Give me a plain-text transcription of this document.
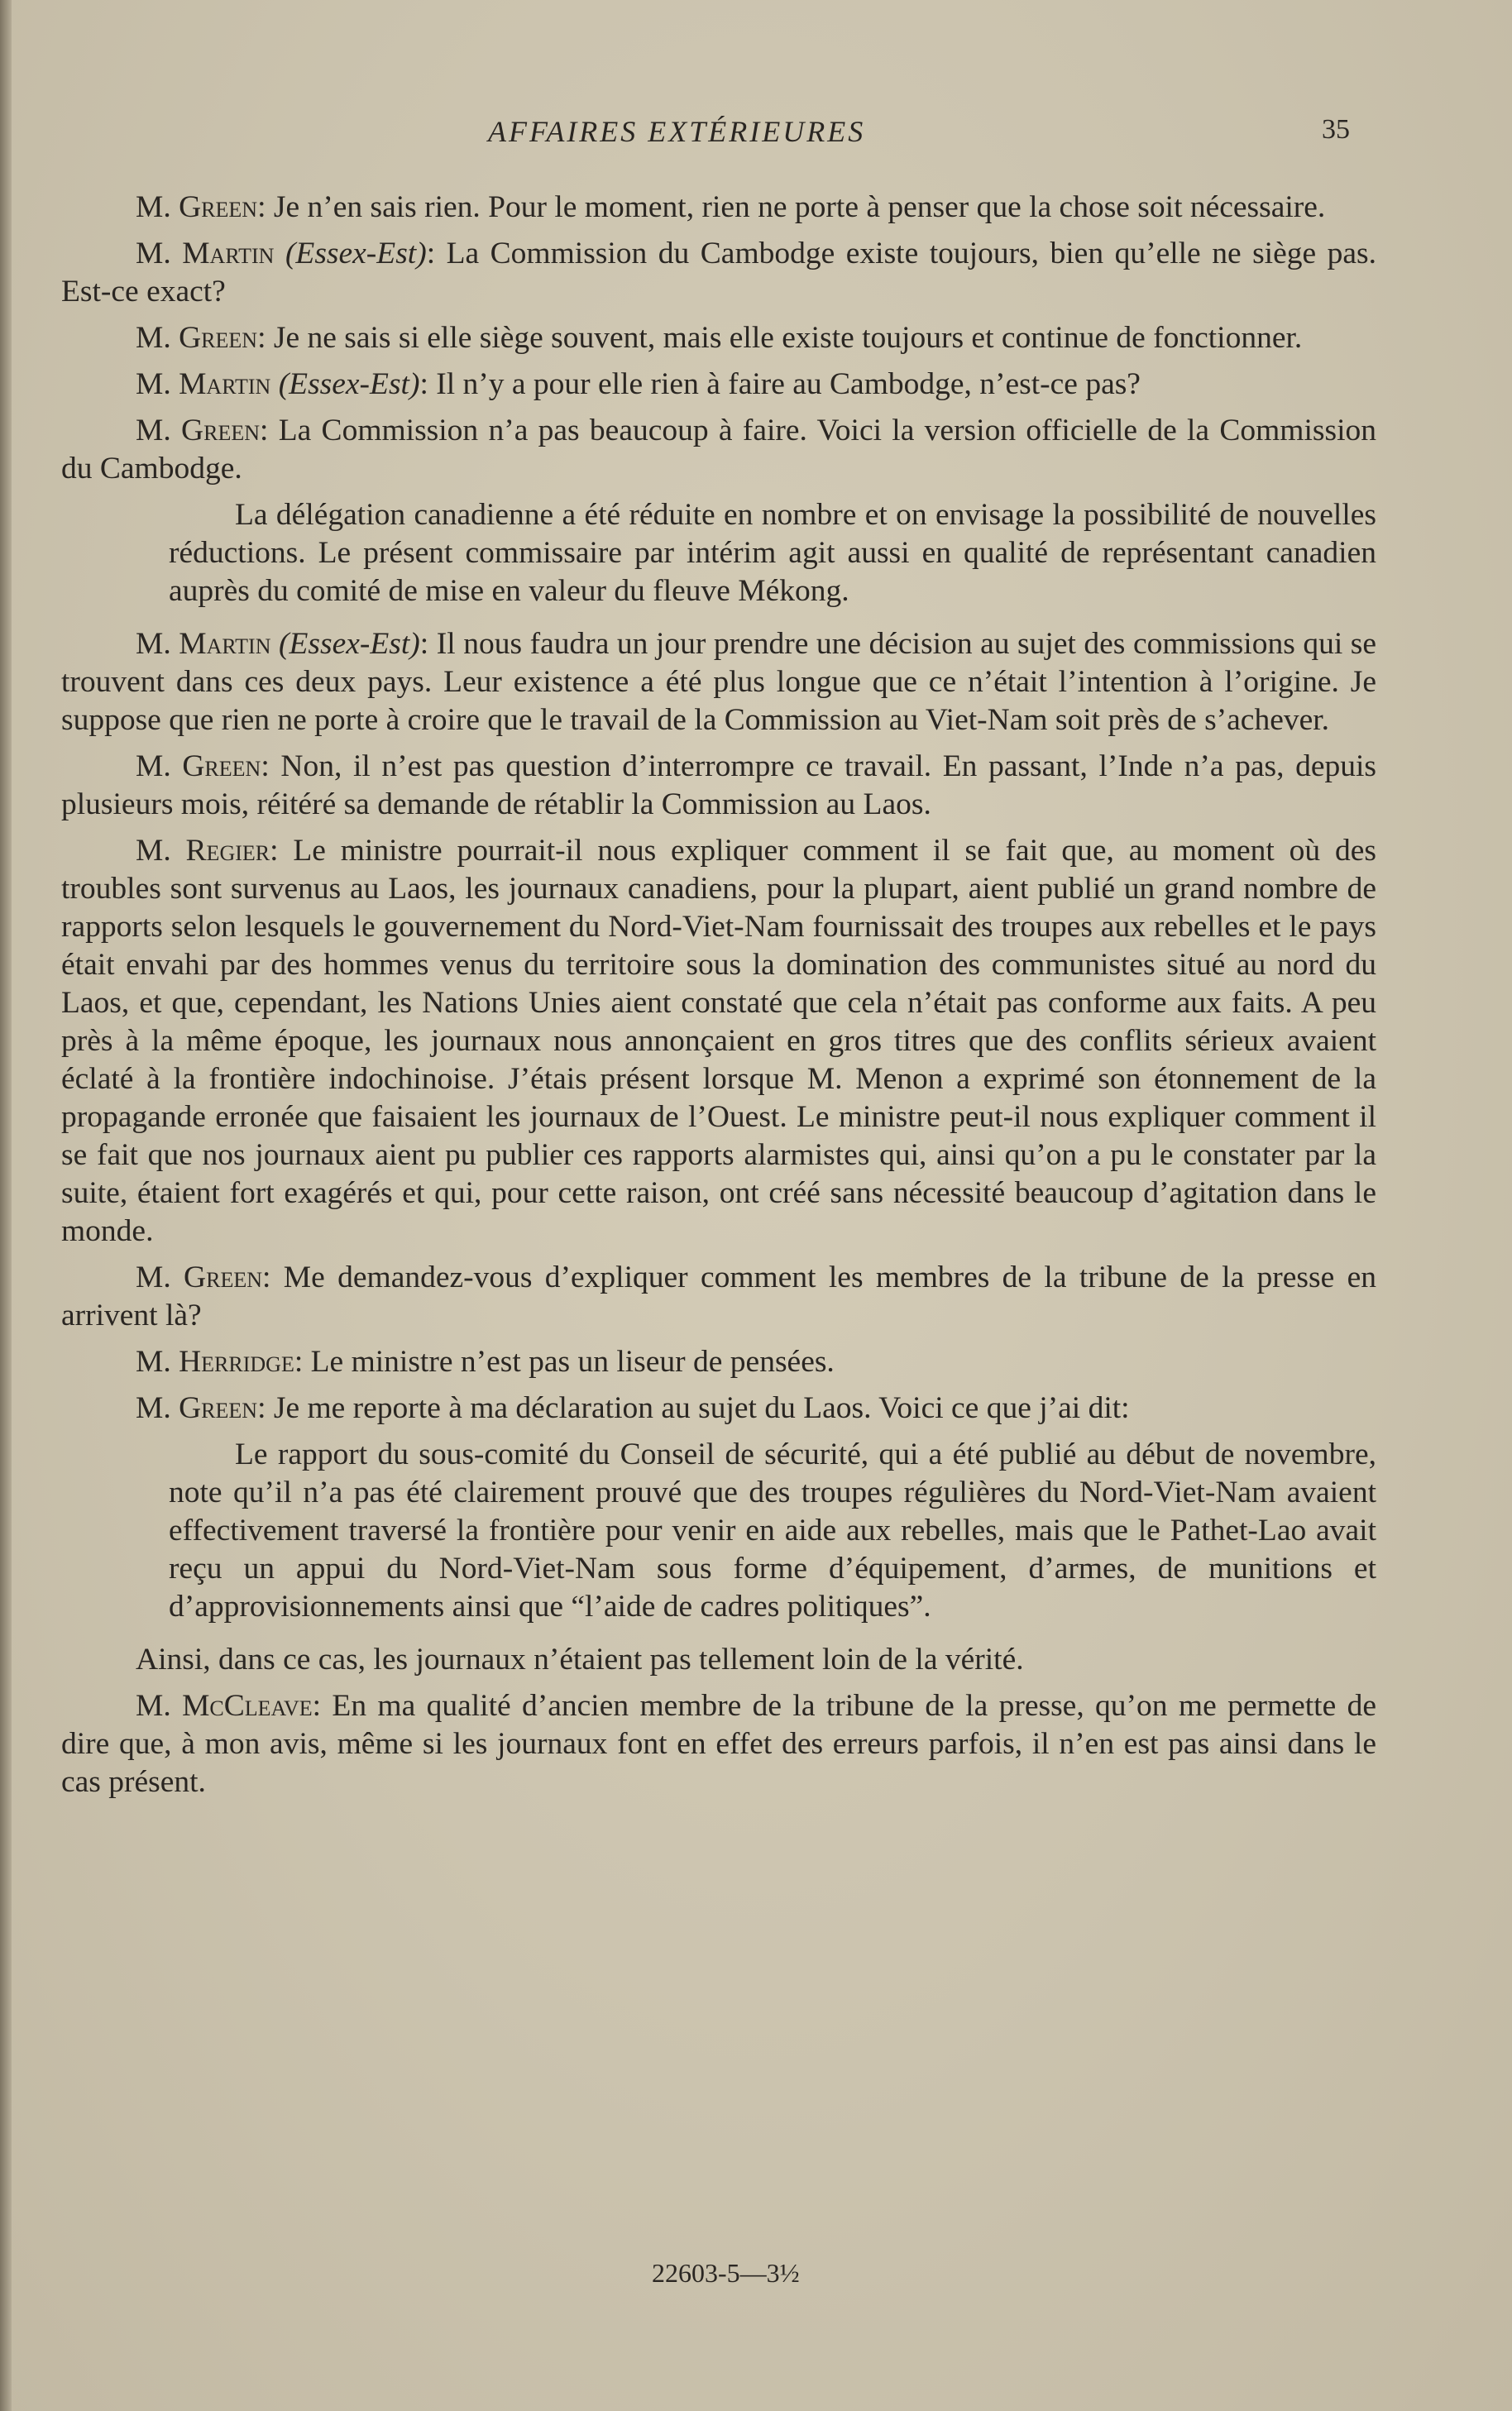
AFFAIRES EXTÉRIEURES	35

M. Green: Je n’en sais rien. Pour le moment, rien ne porte à penser que la chose soit nécessaire.

M. Martin (Essex-Est): La Commission du Cambodge existe toujours, bien qu’elle ne siège pas. Est-ce exact?

M. Green: Je ne sais si elle siège souvent, mais elle existe toujours et continue de fonctionner.

M. Martin (Essex-Est): Il n’y a pour elle rien à faire au Cambodge, n’est-ce pas?

M. Green: La Commission n’a pas beaucoup à faire. Voici la version officielle de la Commission du Cambodge.

La délégation canadienne a été réduite en nombre et on envisage la possibilité de nouvelles réductions. Le présent commissaire par intérim agit aussi en qualité de représentant canadien auprès du comité de mise en valeur du fleuve Mékong.

M. Martin (Essex-Est): Il nous faudra un jour prendre une décision au sujet des commissions qui se trouvent dans ces deux pays. Leur existence a été plus longue que ce n’était l’intention à l’origine. Je suppose que rien ne porte à croire que le travail de la Commission au Viet-Nam soit près de s’achever.

M. Green: Non, il n’est pas question d’interrompre ce travail. En passant, l’Inde n’a pas, depuis plusieurs mois, réitéré sa demande de rétablir la Commission au Laos.

M. Regier: Le ministre pourrait-il nous expliquer comment il se fait que, au moment où des troubles sont survenus au Laos, les journaux canadiens, pour la plupart, aient publié un grand nombre de rapports selon lesquels le gouvernement du Nord-Viet-Nam fournissait des troupes aux rebelles et le pays était envahi par des hommes venus du territoire sous la domination des communistes situé au nord du Laos, et que, cependant, les Nations Unies aient constaté que cela n’était pas conforme aux faits. A peu près à la même époque, les journaux nous annonçaient en gros titres que des conflits sérieux avaient éclaté à la frontière indochinoise. J’étais présent lorsque M. Menon a exprimé son étonnement de la propagande erronée que faisaient les journaux de l’Ouest. Le ministre peut-il nous expliquer comment il se fait que nos journaux aient pu publier ces rapports alarmistes qui, ainsi qu’on a pu le constater par la suite, étaient fort exagérés et qui, pour cette raison, ont créé sans nécessité beaucoup d’agitation dans le monde.

M. Green: Me demandez-vous d’expliquer comment les membres de la tribune de la presse en arrivent là?

M. Herridge: Le ministre n’est pas un liseur de pensées.

M. Green: Je me reporte à ma déclaration au sujet du Laos. Voici ce que j’ai dit:

Le rapport du sous-comité du Conseil de sécurité, qui a été publié au début de novembre, note qu’il n’a pas été clairement prouvé que des troupes régulières du Nord-Viet-Nam avaient effectivement traversé la frontière pour venir en aide aux rebelles, mais que le Pathet-Lao avait reçu un appui du Nord-Viet-Nam sous forme d’équipement, d’armes, de munitions et d’approvisionnements ainsi que “l’aide de cadres politiques”.

Ainsi, dans ce cas, les journaux n’étaient pas tellement loin de la vérité.

M. McCleave: En ma qualité d’ancien membre de la tribune de la presse, qu’on me permette de dire que, à mon avis, même si les journaux font en effet des erreurs parfois, il n’en est pas ainsi dans le cas présent.

22603-5—3½
